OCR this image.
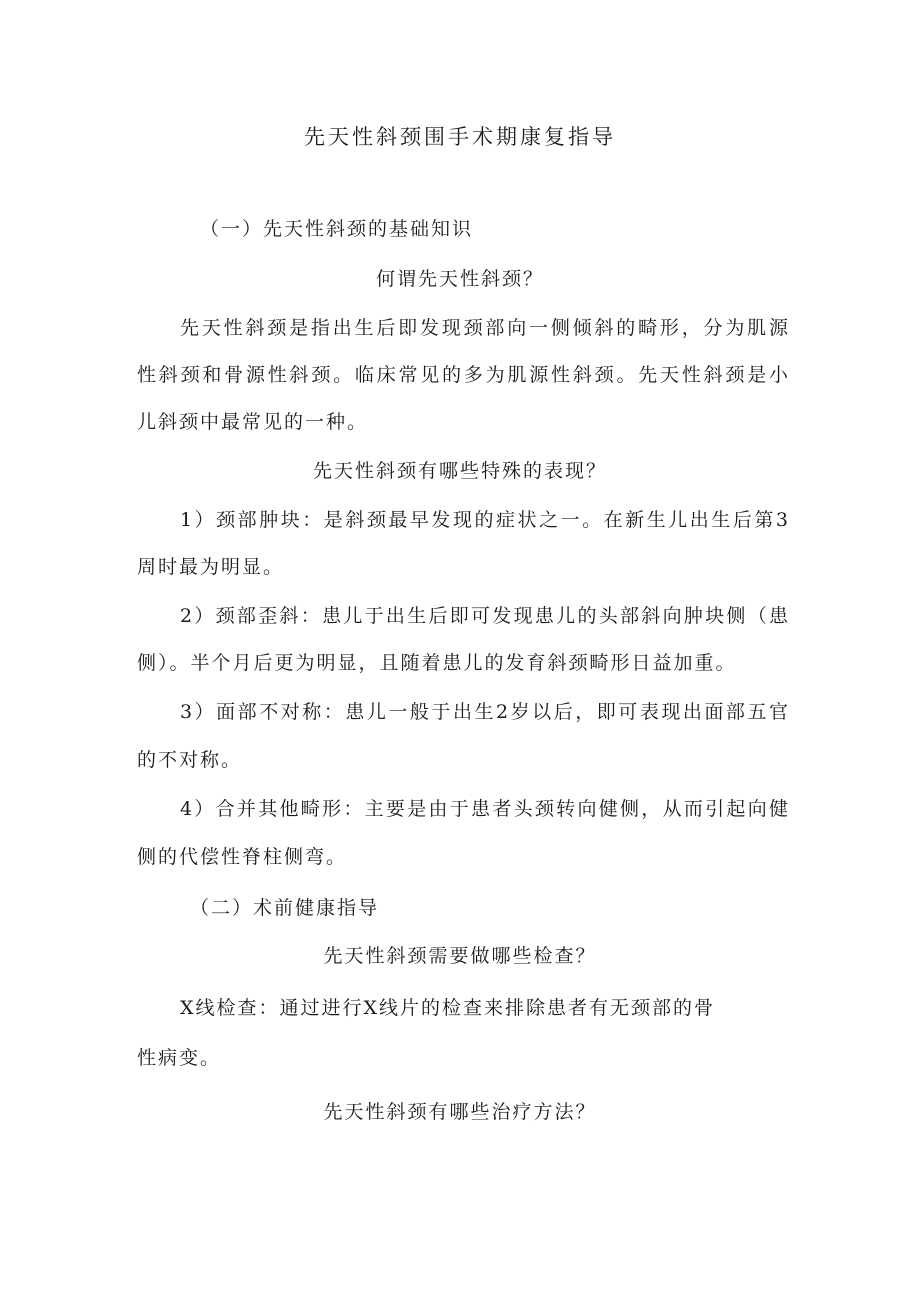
先天性斜颈围手术期康复指导

（一）先天性斜颈的基础知识

何谓先天性斜颈？

先天性斜颈是指出生后即发现颈部向一侧倾斜的畸形，分为肌源

性斜颈和骨源性斜颈。临床常见的多为肌源性斜颈。先天性斜颈是小

儿斜颈中最常见的一种。

先天性斜颈有哪些特殊的表现？

1）颈部肿块：是斜颈最早发现的症状之一。在新生儿出生后第3

周时最为明显。

2）颈部歪斜：患儿于出生后即可发现患儿的头部斜向肿块侧（患

侧）。半个月后更为明显，且随着患儿的发育斜颈畸形日益加重。

3）面部不对称：患儿一般于出生2岁以后，即可表现出面部五官

的不对称。

4）合并其他畸形：主要是由于患者头颈转向健侧，从而引起向健

侧的代偿性脊柱侧弯。

（二）术前健康指导

先天性斜颈需要做哪些检查？

X线检查：通过进行X线片的检查来排除患者有无颈部的骨

性病变。

先天性斜颈有哪些治疗方法？
